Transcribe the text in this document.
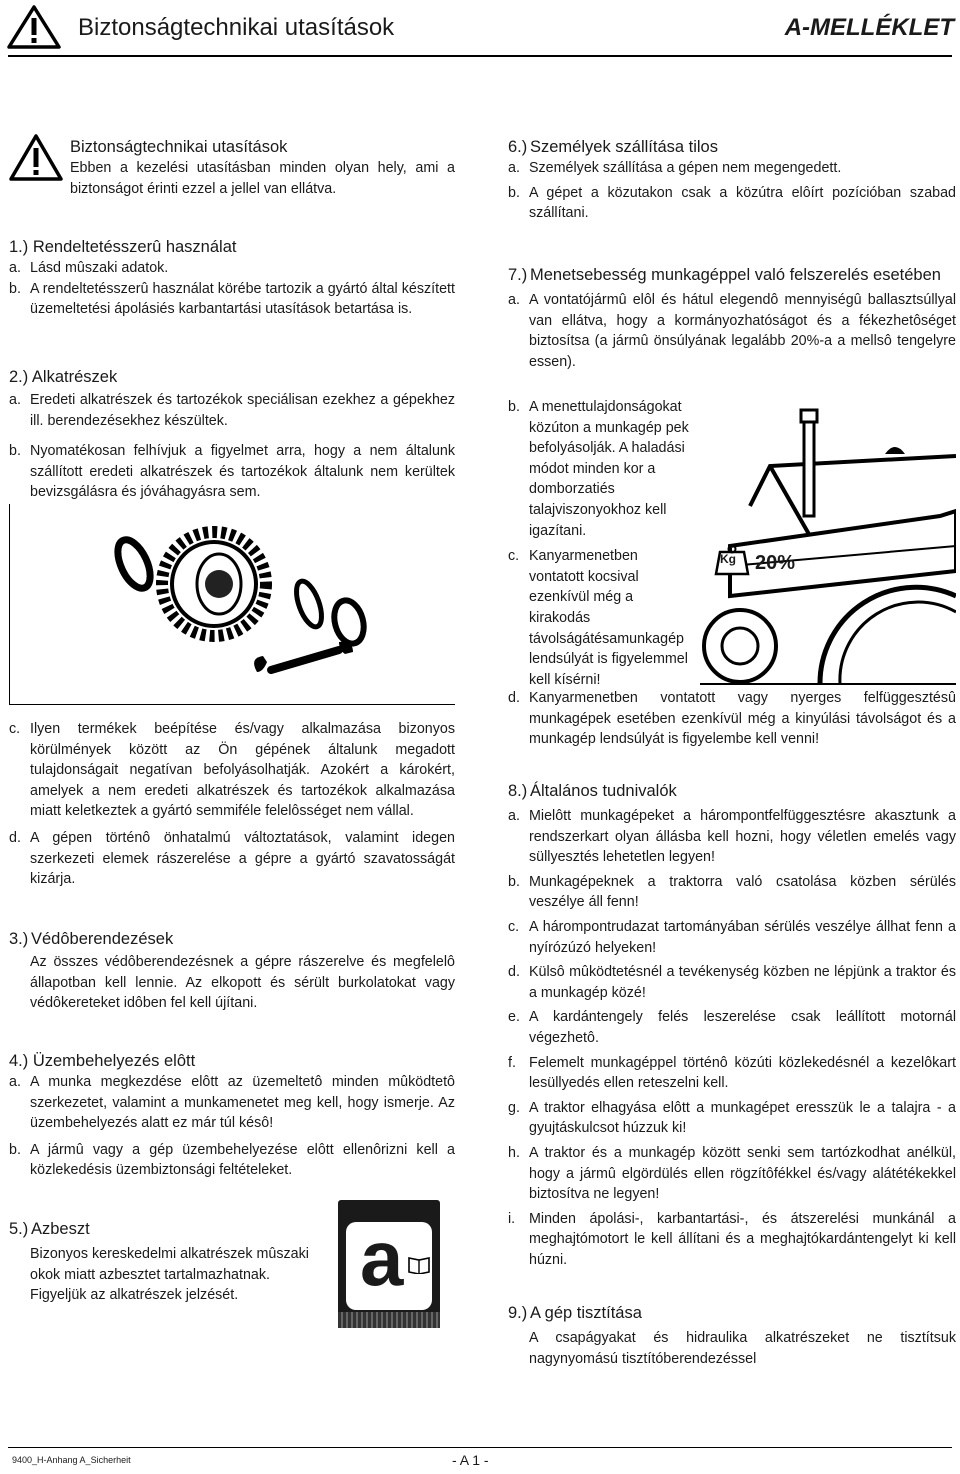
Biztonságtechnikai utasítások	A-MELLÉKLET
Biztonságtechnikai utasítások

Ebben a kezelési utasításban minden olyan hely, ami a biztonságot érinti ezzel a jellel van ellátva.

1.) Rendeltetésszerû használat
a. Lásd mûszaki adatok.
b. A rendeltetésszerû használat körébe tartozik a gyártó által készített üzemeltetési ápolásiés karbantartási utasítások betartása is.
2.) Alkatrészek
a. Eredeti alkatrészek és tartozékok speciálisan ezekhez a gépekhez ill. berendezésekhez készültek.
b. Nyomatékosan felhívjuk a figyelmet arra, hogy a nem általunk szállított eredeti alkatrészek és tartozékok általunk nem kerültek bevizsgálásra és jóváhagyásra sem.
c. Ilyen termékek beépítése és/vagy alkalmazása bizonyos körülmények között az Ön gépének általunk megadott tulajdonságait negatívan befolyásolhatják. Azokért a károkért, amelyek a nem eredeti alkatrészek és tartozékok alkalmazása miatt keletkeztek a gyártó semmiféle felelôsséget nem vállal.
d. A gépen történô önhatalmú változtatások, valamint idegen szerkezeti elemek rászerelése a gépre a gyártó szavatosságát kizárja.
3.) Védôberendezések

Az összes védôberendezésnek a gépre rászerelve és megfelelô állapotban kell lennie. Az elkopott és sérült burkolatokat vagy védôkereteket idôben fel kell újítani.

4.) Üzembehelyezés elôtt
a. A munka megkezdése elôtt az üzemeltetô minden mûködtetô szerkezetet, valamint a munkamenetet meg kell, hogy ismerje. Az üzembehelyezés alatt ez már túl késô!
b. A jármû vagy a gép üzembehelyezése elôtt ellenôrizni kell a közlekedésis üzembiztonsági feltételeket.
5.) Azbeszt

Bizonyos kereskedelmi alkatrészek mûszaki okok miatt azbesztet tartalmazhatnak. Figyeljük az alkatrészek jelzését.	a
6.) Személyek szállítása tilos
a. Személyek szállítása a gépen nem megengedett.
b. A gépet a közutakon csak a közútra elôírt pozícióban szabad szállítani.
7.) Menetsebesség munkagéppel való felszerelés esetében
a. A vontatójármû elôl és hátul elegendô mennyiségû ballasztsúllyal van ellátva, hogy a kormányozhatóságot és a fékezhetôséget biztosítsa (a jármû önsúlyának legalább 20%-a a mellsô tengelyre essen).
b. A menettulajdonságokat közúton a munkagép pek befolyásolják. A haladási módot minden kor a domborzatiés talajviszonyokhoz kell igazítani.
c. Kanyarmenetben vontatott kocsival ezenkívül még a kirakodás távolságátésamunkagép lendsúlyát is figyelemmel kell kísérni!
Kg 20%
d. Kanyarmenetben vontatott vagy nyerges felfüggesztésû munkagépek esetében ezenkívül még a kinyúlási távolságot és a munkagép lendsúlyát is figyelembe kell venni!
8.) Általános tudnivalók
a. Mielôtt munkagépeket a hárompontfelfüggesztésre akasztunk a rendszerkart olyan állásba kell hozni, hogy véletlen emelés vagy süllyesztés lehetetlen legyen!
b. Munkagépeknek a traktorra való csatolása közben sérülés veszélye áll fenn!
c. A hárompontrudazat tartományában sérülés veszélye állhat fenn a nyírózúzó helyeken!
d. Külsô mûködtetésnél a tevékenység közben ne lépjünk a traktor és a munkagép közé!
e. A kardántengely felés leszerelése csak leállított motornál végezhetô.
f. Felemelt munkagéppel történô közúti közlekedésnél a kezelôkart lesüllyedés ellen reteszelni kell.
g. A traktor elhagyása elôtt a munkagépet eresszük le a talajra - a gyujtáskulcsot húzzuk ki!
h. A traktor és a munkagép között senki sem tartózkodhat anélkül, hogy a jármû elgördülés ellen rögzítôfékkel és/vagy alátétékekkel biztosítva ne legyen!
i. Minden ápolási-, karbantartási-, és átszerelési munkánál a meghajtómotort le kell állítani és a meghajtókardántengelyt ki kell húzni.
9.) A gép tisztítása

A csapágyakat és hidraulika alkatrészeket ne tisztítsuk nagynyomású tisztítóberendezéssel

9400_H-Anhang A_Sicherheit	- A 1 -
